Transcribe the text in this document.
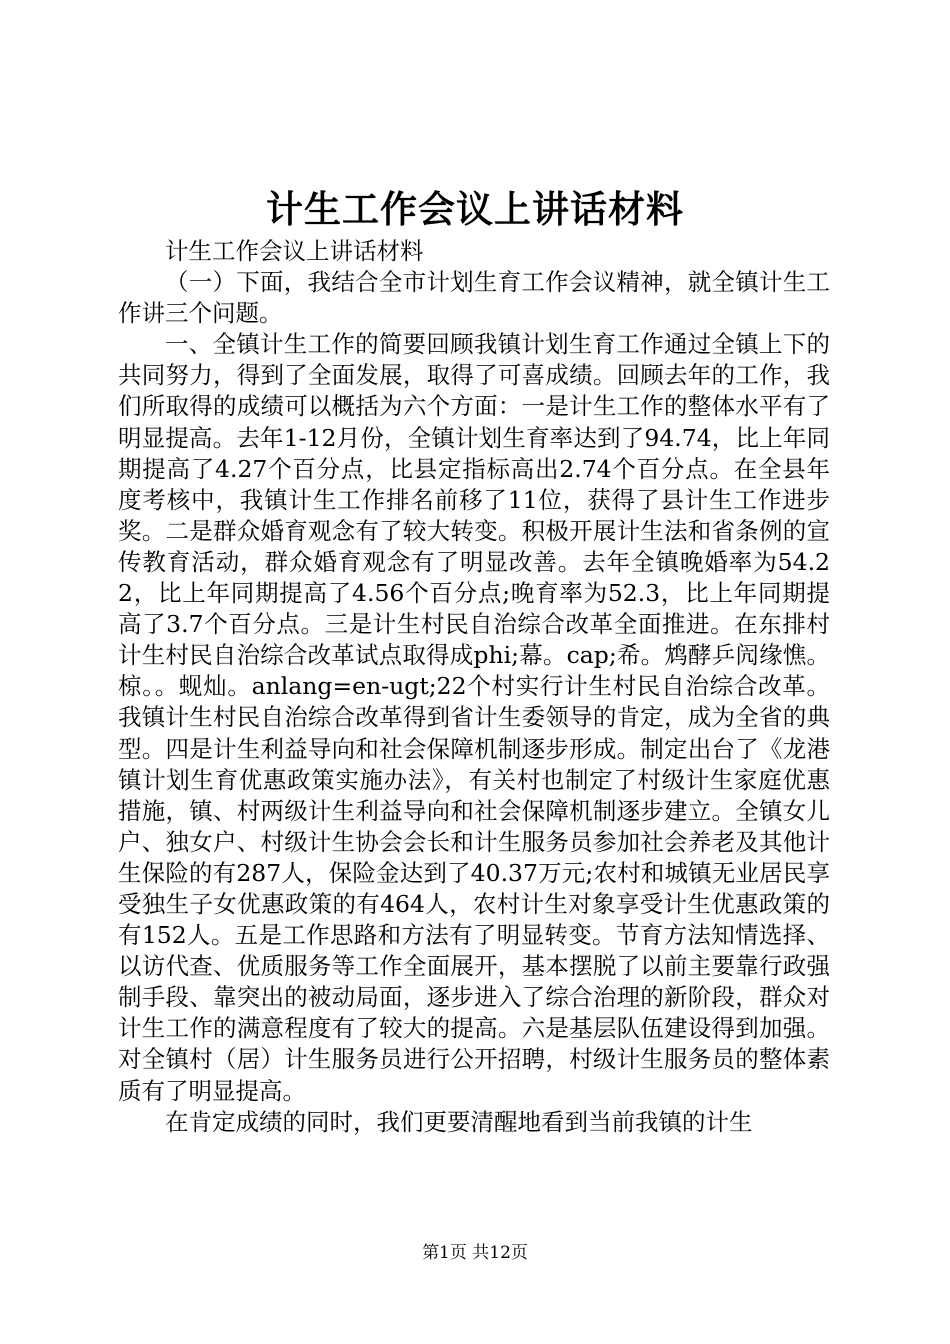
计生工作会议上讲话材料

计生工作会议上讲话材料

（一）下面，我结合全市计划生育工作会议精神，就全镇计生工作讲三个问题。

一、全镇计生工作的简要回顾我镇计划生育工作通过全镇上下的共同努力，得到了全面发展，取得了可喜成绩。回顾去年的工作，我们所取得的成绩可以概括为六个方面：一是计生工作的整体水平有了明显提高。去年1-12月份，全镇计划生育率达到了94.74，比上年同期提高了4.27个百分点，比县定指标高出2.74个百分点。在全县年度考核中，我镇计生工作排名前移了11位，获得了县计生工作进步奖。二是群众婚育观念有了较大转变。积极开展计生法和省条例的宣传教育活动，群众婚育观念有了明显改善。去年全镇晚婚率为54.22，比上年同期提高了4.56个百分点;晚育率为52.3，比上年同期提高了3.7个百分点。三是计生村民自治综合改革全面推进。在东排村计生村民自治综合改革试点取得成phi;幕。cap;希。鸩酵乒闶缘憔。椋。。蚬灿。anlang=en-ugt;22个村实行计生村民自治综合改革。我镇计生村民自治综合改革得到省计生委领导的肯定，成为全省的典型。四是计生利益导向和社会保障机制逐步形成。制定出台了《龙港镇计划生育优惠政策实施办法》，有关村也制定了村级计生家庭优惠措施，镇、村两级计生利益导向和社会保障机制逐步建立。全镇女儿户、独女户、村级计生协会会长和计生服务员参加社会养老及其他计生保险的有287人，保险金达到了40.37万元;农村和城镇无业居民享受独生子女优惠政策的有464人，农村计生对象享受计生优惠政策的有152人。五是工作思路和方法有了明显转变。节育方法知情选择、以访代查、优质服务等工作全面展开，基本摆脱了以前主要靠行政强制手段、靠突出的被动局面，逐步进入了综合治理的新阶段，群众对计生工作的满意程度有了较大的提高。六是基层队伍建设得到加强。对全镇村（居）计生服务员进行公开招聘，村级计生服务员的整体素质有了明显提高。

在肯定成绩的同时，我们更要清醒地看到当前我镇的计生

第1页 共12页
